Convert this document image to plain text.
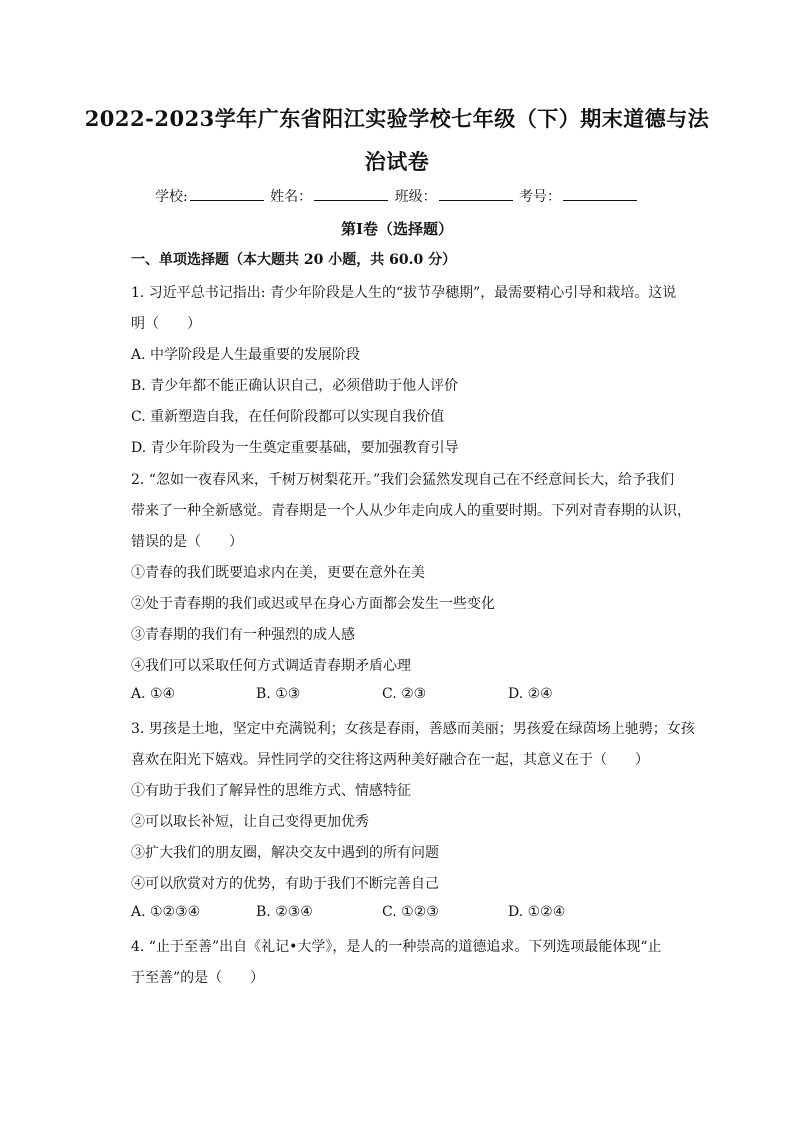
2022-2023学年广东省阳江实验学校七年级（下）期末道德与法
治试卷
学校:	姓名：	班级：	考号：
第Ⅰ卷（选择题）
一、单项选择题（本大题共 20 小题，共 60.0 分）
1. 习近平总书记指出: 青少年阶段是人生的“拔节孕穗期”，最需要精心引导和栽培。这说
明（　　）
A. 中学阶段是人生最重要的发展阶段
B. 青少年都不能正确认识自己，必须借助于他人评价
C. 重新塑造自我，在任何阶段都可以实现自我价值
D. 青少年阶段为一生奠定重要基础，要加强教育引导
2. “忽如一夜春风来，千树万树梨花开。”我们会猛然发现自己在不经意间长大，给予我们
带来了一种全新感觉。青春期是一个人从少年走向成人的重要时期。下列对青春期的认识，
错误的是（　　）
①青春的我们既要追求内在美，更要在意外在美
②处于青春期的我们或迟或早在身心方面都会发生一些变化
③青春期的我们有一种强烈的成人感
④我们可以采取任何方式调适青春期矛盾心理
A. ①④	B. ①③	C. ②③	D. ②④
3. 男孩是土地，坚定中充满锐利；女孩是春雨，善感而美丽；男孩爱在绿茵场上驰骋；女孩
喜欢在阳光下嬉戏。异性同学的交往将这两种美好融合在一起，其意义在于（　　）
①有助于我们了解异性的思维方式、情感特征
②可以取长补短，让自己变得更加优秀
③扩大我们的朋友圈，解决交友中遇到的所有问题
④可以欣赏对方的优势，有助于我们不断完善自己
A. ①②③④	B. ②③④	C. ①②③	D. ①②④
4. “止于至善”出自《礼记•大学》，是人的一种崇高的道德追求。下列选项最能体现“止
于至善”的是（　　）
